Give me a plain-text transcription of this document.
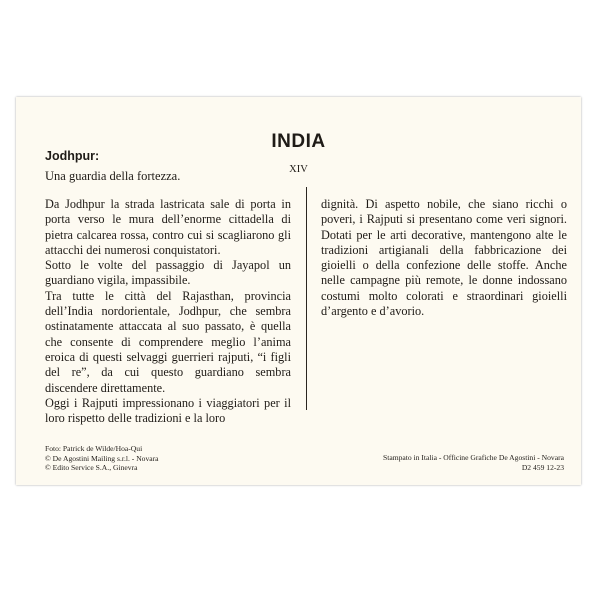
INDIA
XIV
Jodhpur:
Una guardia della fortezza.

Da Jodhpur la strada lastricata sale di porta in porta verso le mura dell’enorme cittadella di pietra calcarea rossa, contro cui si scagliarono gli attacchi dei numerosi conquistatori.

Sotto le volte del passaggio di Jayapol un guardiano vigila, impassibile.

Tra tutte le città del Rajasthan, provincia dell’India nordorientale, Jodhpur, che sembra ostinatamente attaccata al suo passato, è quella che consente di comprendere meglio l’anima eroica di questi selvaggi guerrieri rajputi, “i figli del re”, da cui questo guardiano sembra discendere direttamente.

Oggi i Rajputi impressionano i viaggiatori per il loro rispetto delle tradizioni e la loro

dignità. Di aspetto nobile, che siano ricchi o poveri, i Rajputi si presentano come veri signori. Dotati per le arti decorative, mantengono alte le tradizioni artigianali della fabbricazione dei gioielli o della confezione delle stoffe. Anche nelle campagne più remote, le donne indossano costumi molto colorati e straordinari gioielli d’argento e d’avorio.

Foto: Patrick de Wilde/Hoa-Qui
© De Agostini Mailing s.r.l. - Novara
© Edito Service S.A., Ginevra
Stampato in Italia - Officine Grafiche De Agostini - Novara
D2 459 12-23
